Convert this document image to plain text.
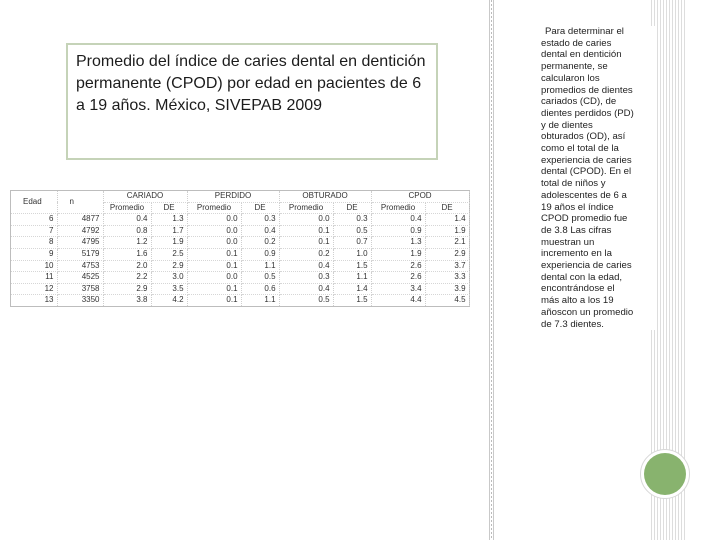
Promedio del índice de caries dental en dentición permanente (CPOD) por edad en pacientes de 6 a 19 años. México, SIVEPAB 2009
Edad	n	CARIADO		PERDIDO		OBTURADO		CPOD	
		Promedio	DE	Promedio	DE	Promedio	DE	Promedio	DE
6	4877	0.4	1.3	0.0	0.3	0.0	0.3	0.4	1.4
7	4792	0.8	1.7	0.0	0.4	0.1	0.5	0.9	1.9
8	4795	1.2	1.9	0.0	0.2	0.1	0.7	1.3	2.1
9	5179	1.6	2.5	0.1	0.9	0.2	1.0	1.9	2.9
10	4753	2.0	2.9	0.1	1.1	0.4	1.5	2.6	3.7
11	4525	2.2	3.0	0.0	0.5	0.3	1.1	2.6	3.3
12	3758	2.9	3.5	0.1	0.6	0.4	1.4	3.4	3.9
13	3350	3.8	4.2	0.1	1.1	0.5	1.5	4.4	4.5
Para determinar el
estado de caries
dental en dentición
permanente, se
calcularon los
promedios de dientes
cariados (CD), de
dientes perdidos (PD)
y de dientes
obturados (OD), así
como el total de la
experiencia de caries
dental (CPOD). En el
total de niños y
adolescentes de 6 a
19 años el índice
CPOD promedio fue
de 3.8 Las cifras
muestran un
incremento en la
experiencia de caries
dental con la edad,
encontrándose el
más alto a los 19
añoscon un promedio
de 7.3 dientes.
